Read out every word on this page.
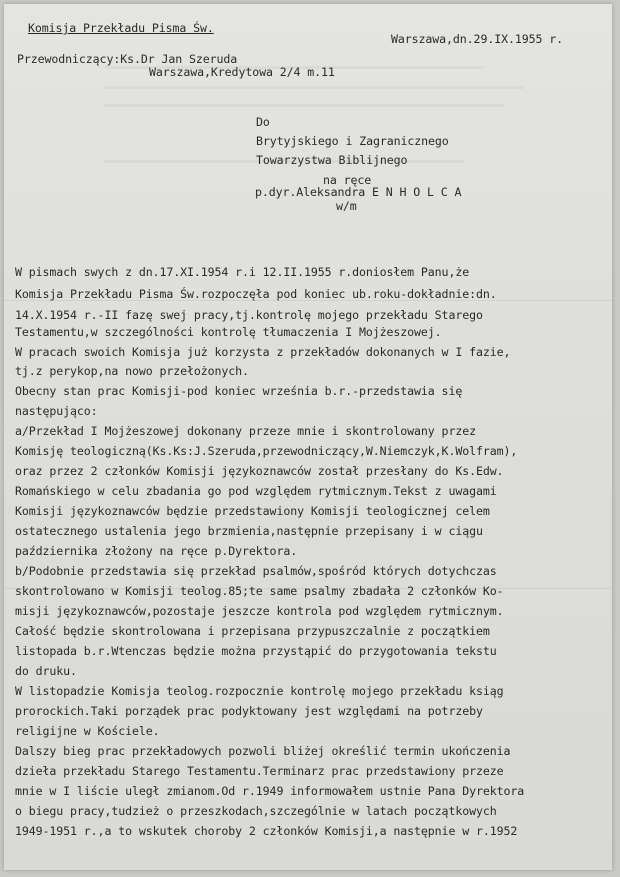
Komisja Przekładu Pisma Św.
Warszawa,dn.29.IX.1955 r.
Przewodniczący:Ks.Dr Jan Szeruda
Warszawa,Kredytowa 2/4 m.11
Do
Brytyjskiego i Zagranicznego
Towarzystwa Biblijnego
na ręce
p.dyr.Aleksandra E N H O L C A
w/m
W pismach swych z dn.17.XI.1954 r.i 12.II.1955 r.doniosłem Panu,że
Komisja Przekładu Pisma Św.rozpoczęła pod koniec ub.roku-dokładnie:dn.
14.X.1954 r.-II fazę swej pracy,tj.kontrolę mojego przekładu Starego
Testamentu,w szczególności kontrolę tłumaczenia I Mojżeszowej.
W pracach swoich Komisja już korzysta z przekładów dokonanych w I fazie,
tj.z perykop,na nowo przełożonych.
Obecny stan prac Komisji-pod koniec września b.r.-przedstawia się
następująco:
a/Przekład I Mojżeszowej dokonany przeze mnie i skontrolowany przez
Komisję teologiczną(Ks.Ks:J.Szeruda,przewodniczący,W.Niemczyk,K.Wolfram),
oraz przez 2 członków Komisji językoznawców został przesłany do Ks.Edw.
Romańskiego w celu zbadania go pod względem rytmicznym.Tekst z uwagami
Komisji językoznawców będzie przedstawiony Komisji teologicznej celem
ostatecznego ustalenia jego brzmienia,następnie przepisany i w ciągu
października złożony na ręce p.Dyrektora.
b/Podobnie przedstawia się przekład psalmów,spośród których dotychczas
skontrolowano w Komisji teolog.85;te same psalmy zbadała 2 członków Ko-
misji językoznawców,pozostaje jeszcze kontrola pod względem rytmicznym.
Całość będzie skontrolowana i przepisana przypuszczalnie z początkiem
listopada b.r.Wtenczas będzie można przystąpić do przygotowania tekstu
do druku.
W listopadzie Komisja teolog.rozpocznie kontrolę mojego przekładu ksiąg
prorockich.Taki porządek prac podyktowany jest względami na potrzeby
religijne w Kościele.
Dalszy bieg prac przekładowych pozwoli bliżej określić termin ukończenia
dzieła przekładu Starego Testamentu.Terminarz prac przedstawiony przeze
mnie w I liście uległ zmianom.Od r.1949 informowałem ustnie Pana Dyrektora
o biegu pracy,tudzież o przeszkodach,szczególnie w latach początkowych
1949-1951 r.,a to wskutek choroby 2 członków Komisji,a następnie w r.1952
